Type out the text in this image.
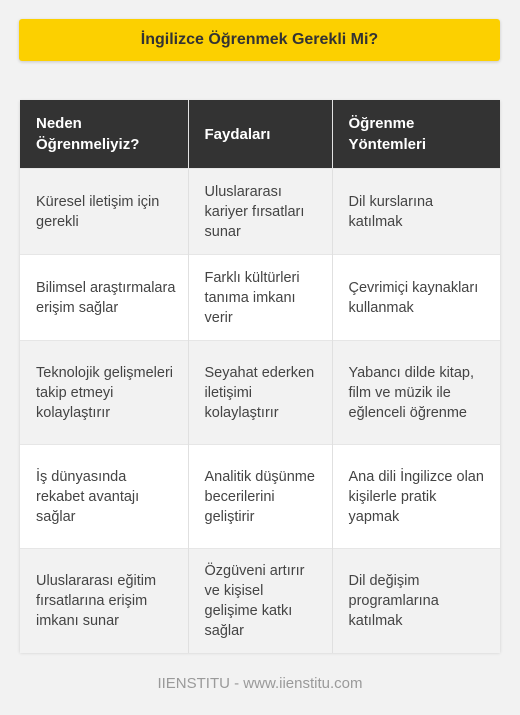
İngilizce Öğrenmek Gerekli Mi?
Neden Öğrenmeliyiz?	Faydaları	Öğrenme Yöntemleri
Küresel iletişim için gerekli	Uluslararası kariyer fırsatları sunar	Dil kurslarına katılmak
Bilimsel araştırmalara erişim sağlar	Farklı kültürleri tanıma imkanı verir	Çevrimiçi kaynakları kullanmak
Teknolojik gelişmeleri takip etmeyi kolaylaştırır	Seyahat ederken iletişimi kolaylaştırır	Yabancı dilde kitap, film ve müzik ile eğlenceli öğrenme
İş dünyasında rekabet avantajı sağlar	Analitik düşünme becerilerini geliştirir	Ana dili İngilizce olan kişilerle pratik yapmak
Uluslararası eğitim fırsatlarına erişim imkanı sunar	Özgüveni artırır ve kişisel gelişime katkı sağlar	Dil değişim programlarına katılmak
IIENSTITU - www.iienstitu.com
